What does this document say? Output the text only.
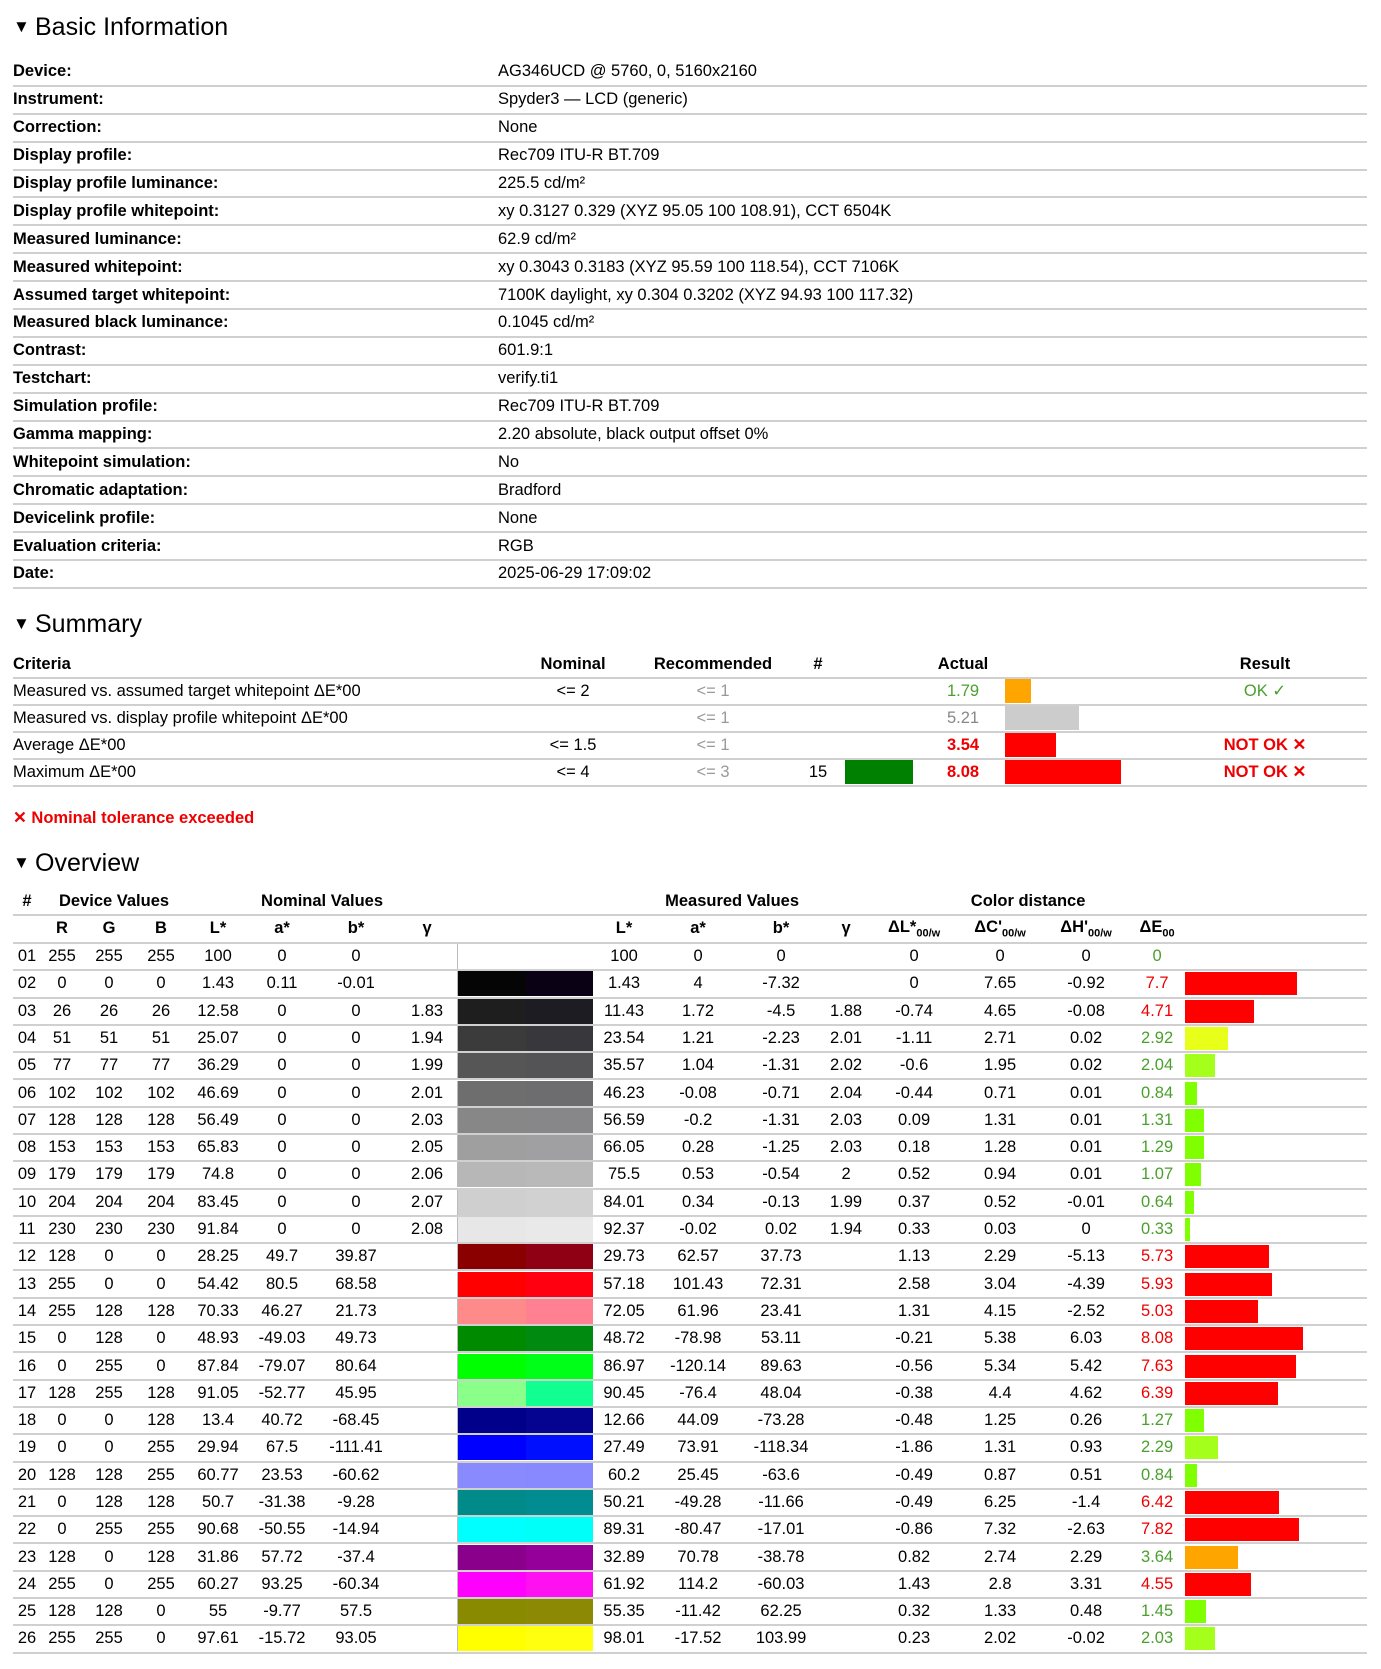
▼ Basic Information
Device:	AG346UCD @ 5760, 0, 5160x2160
Instrument:	Spyder3 — LCD (generic)
Correction:	None
Display profile:	Rec709 ITU-R BT.709
Display profile luminance:	225.5 cd/m²
Display profile whitepoint:	xy 0.3127 0.329 (XYZ 95.05 100 108.91), CCT 6504K
Measured luminance:	62.9 cd/m²
Measured whitepoint:	xy 0.3043 0.3183 (XYZ 95.59 100 118.54), CCT 7106K
Assumed target whitepoint:	7100K daylight, xy 0.304 0.3202 (XYZ 94.93 100 117.32)
Measured black luminance:	0.1045 cd/m²
Contrast:	601.9:1
Testchart:	verify.ti1
Simulation profile:	Rec709 ITU-R BT.709
Gamma mapping:	2.20 absolute, black output offset 0%
Whitepoint simulation:	No
Chromatic adaptation:	Bradford
Devicelink profile:	None
Evaluation criteria:	RGB
Date:	2025-06-29 17:09:02
▼ Summary
Criteria	Nominal	Recommended	#		Actual		Result
Measured vs. assumed target whitepoint ΔE*00	<= 2	<= 1			1.79		OK ✓
Measured vs. display profile whitepoint ΔE*00		<= 1			5.21		
Average ΔE*00	<= 1.5	<= 1			3.54		NOT OK ✕
Maximum ΔE*00	<= 4	<= 3	15		8.08		NOT OK ✕
✕ Nominal tolerance exceeded
▼ Overview
#	Device Values			Nominal Values					Measured Values				Color distance				
	R	G	B	L*	a*	b*	γ		L*	a*	b*	γ	$\Delta L*_{00/w}$	$\Delta C'_{00/w}$	$\Delta H'_{00/w}$	$\Delta E_{00}$	
01	255	255	255	100	0	0			100	0	0		0	0	0	0	

02	0	0	0	1.43	0.11	-0.01			1.43	4	-7.32		0	7.65	-0.92	7.7	

03	26	26	26	12.58	0	0	1.83		11.43	1.72	-4.5	1.88	-0.74	4.65	-0.08	4.71	

04	51	51	51	25.07	0	0	1.94		23.54	1.21	-2.23	2.01	-1.11	2.71	0.02	2.92	

05	77	77	77	36.29	0	0	1.99		35.57	1.04	-1.31	2.02	-0.6	1.95	0.02	2.04	

06	102	102	102	46.69	0	0	2.01		46.23	-0.08	-0.71	2.04	-0.44	0.71	0.01	0.84	

07	128	128	128	56.49	0	0	2.03		56.59	-0.2	-1.31	2.03	0.09	1.31	0.01	1.31	

08	153	153	153	65.83	0	0	2.05		66.05	0.28	-1.25	2.03	0.18	1.28	0.01	1.29	

09	179	179	179	74.8	0	0	2.06		75.5	0.53	-0.54	2	0.52	0.94	0.01	1.07	

10	204	204	204	83.45	0	0	2.07		84.01	0.34	-0.13	1.99	0.37	0.52	-0.01	0.64	

11	230	230	230	91.84	0	0	2.08		92.37	-0.02	0.02	1.94	0.33	0.03	0	0.33	

12	128	0	0	28.25	49.7	39.87			29.73	62.57	37.73		1.13	2.29	-5.13	5.73	

13	255	0	0	54.42	80.5	68.58			57.18	101.43	72.31		2.58	3.04	-4.39	5.93	

14	255	128	128	70.33	46.27	21.73			72.05	61.96	23.41		1.31	4.15	-2.52	5.03	

15	0	128	0	48.93	-49.03	49.73			48.72	-78.98	53.11		-0.21	5.38	6.03	8.08	

16	0	255	0	87.84	-79.07	80.64			86.97	-120.14	89.63		-0.56	5.34	5.42	7.63	

17	128	255	128	91.05	-52.77	45.95			90.45	-76.4	48.04		-0.38	4.4	4.62	6.39	

18	0	0	128	13.4	40.72	-68.45			12.66	44.09	-73.28		-0.48	1.25	0.26	1.27	

19	0	0	255	29.94	67.5	-111.41			27.49	73.91	-118.34		-1.86	1.31	0.93	2.29	

20	128	128	255	60.77	23.53	-60.62			60.2	25.45	-63.6		-0.49	0.87	0.51	0.84	

21	0	128	128	50.7	-31.38	-9.28			50.21	-49.28	-11.66		-0.49	6.25	-1.4	6.42	

22	0	255	255	90.68	-50.55	-14.94			89.31	-80.47	-17.01		-0.86	7.32	-2.63	7.82	

23	128	0	128	31.86	57.72	-37.4			32.89	70.78	-38.78		0.82	2.74	2.29	3.64	

24	255	0	255	60.27	93.25	-60.34			61.92	114.2	-60.03		1.43	2.8	3.31	4.55	

25	128	128	0	55	-9.77	57.5			55.35	-11.42	62.25		0.32	1.33	0.48	1.45	

26	255	255	0	97.61	-15.72	93.05			98.01	-17.52	103.99		0.23	2.02	-0.02	2.03	
